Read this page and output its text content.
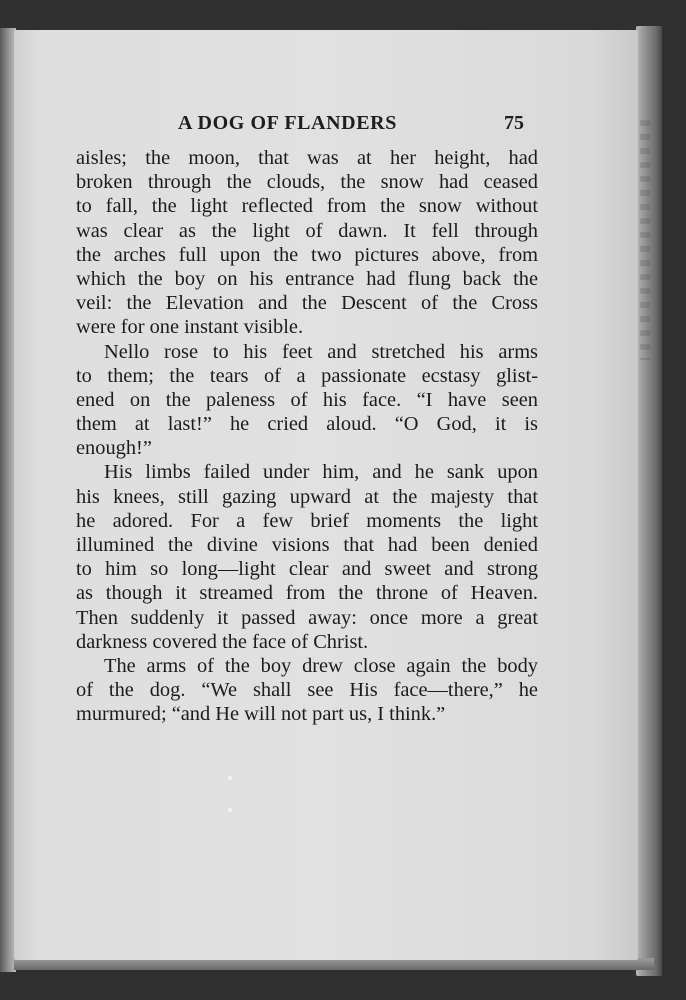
A DOG OF FLANDERS	75
aisles; the moon, that was at her height, had
broken through the clouds, the snow had ceased
to fall, the light reflected from the snow without
was clear as the light of dawn. It fell through
the arches full upon the two pictures above, from
which the boy on his entrance had flung back the
veil: the Elevation and the Descent of the Cross
were for one instant visible.
Nello rose to his feet and stretched his arms
to them; the tears of a passionate ecstasy glist-
ened on the paleness of his face. “I have seen
them at last!” he cried aloud. “O God, it is
enough!”
His limbs failed under him, and he sank upon
his knees, still gazing upward at the majesty that
he adored. For a few brief moments the light
illumined the divine visions that had been denied
to him so long—light clear and sweet and strong
as though it streamed from the throne of Heaven.
Then suddenly it passed away: once more a great
darkness covered the face of Christ.
The arms of the boy drew close again the body
of the dog. “We shall see His face—there,” he
murmured; “and He will not part us, I think.”
